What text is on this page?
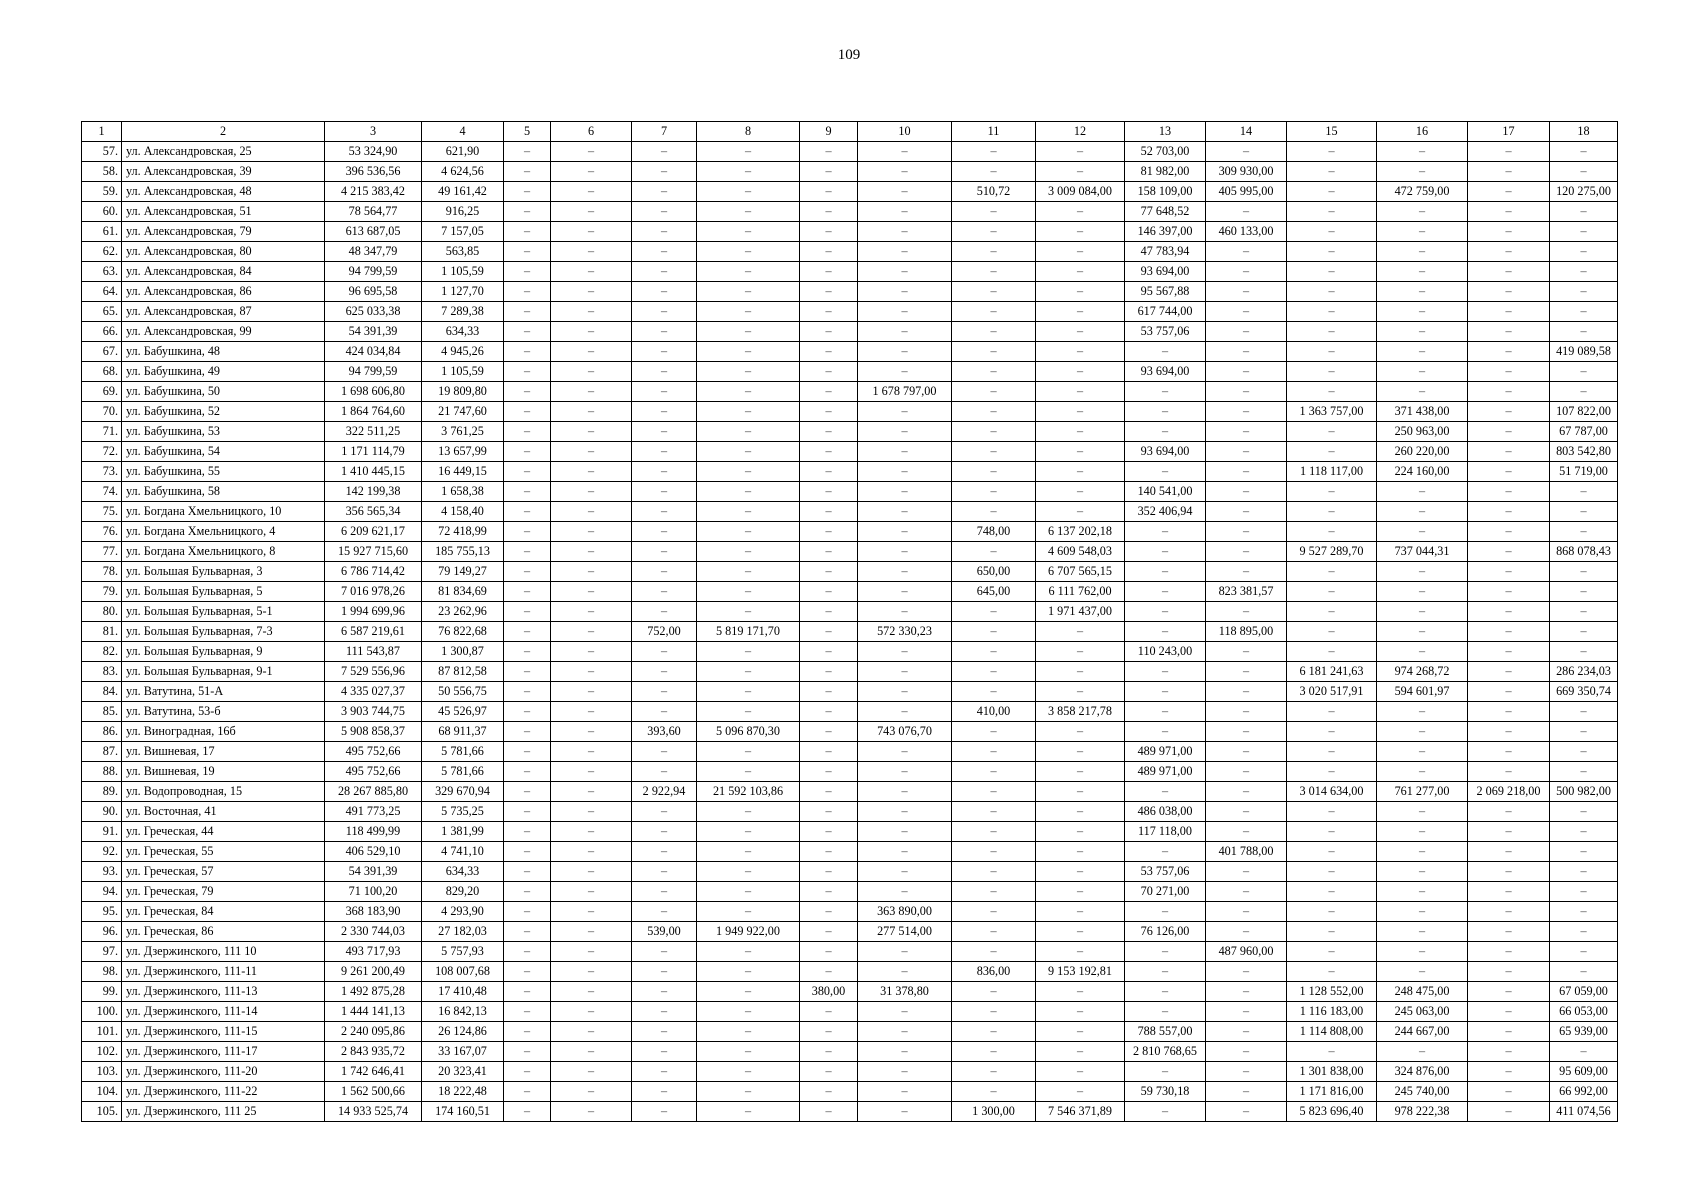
109
1	2	3	4	5	6	7	8	9	10	11	12	13	14	15	16	17	18
57.	ул. Александровская, 25	53 324,90	621,90	–	–	–	–	–	–	–	–	52 703,00	–	–	–	–	–
58.	ул. Александровская, 39	396 536,56	4 624,56	–	–	–	–	–	–	–	–	81 982,00	309 930,00	–	–	–	–
59.	ул. Александровская, 48	4 215 383,42	49 161,42	–	–	–	–	–	–	510,72	3 009 084,00	158 109,00	405 995,00	–	472 759,00	–	120 275,00
60.	ул. Александровская, 51	78 564,77	916,25	–	–	–	–	–	–	–	–	77 648,52	–	–	–	–	–
61.	ул. Александровская, 79	613 687,05	7 157,05	–	–	–	–	–	–	–	–	146 397,00	460 133,00	–	–	–	–
62.	ул. Александровская, 80	48 347,79	563,85	–	–	–	–	–	–	–	–	47 783,94	–	–	–	–	–
63.	ул. Александровская, 84	94 799,59	1 105,59	–	–	–	–	–	–	–	–	93 694,00	–	–	–	–	–
64.	ул. Александровская, 86	96 695,58	1 127,70	–	–	–	–	–	–	–	–	95 567,88	–	–	–	–	–
65.	ул. Александровская, 87	625 033,38	7 289,38	–	–	–	–	–	–	–	–	617 744,00	–	–	–	–	–
66.	ул. Александровская, 99	54 391,39	634,33	–	–	–	–	–	–	–	–	53 757,06	–	–	–	–	–
67.	ул. Бабушкина, 48	424 034,84	4 945,26	–	–	–	–	–	–	–	–	–	–	–	–	–	419 089,58
68.	ул. Бабушкина, 49	94 799,59	1 105,59	–	–	–	–	–	–	–	–	93 694,00	–	–	–	–	–
69.	ул. Бабушкина, 50	1 698 606,80	19 809,80	–	–	–	–	–	1 678 797,00	–	–	–	–	–	–	–	–
70.	ул. Бабушкина, 52	1 864 764,60	21 747,60	–	–	–	–	–	–	–	–	–	–	1 363 757,00	371 438,00	–	107 822,00
71.	ул. Бабушкина, 53	322 511,25	3 761,25	–	–	–	–	–	–	–	–	–	–	–	250 963,00	–	67 787,00
72.	ул. Бабушкина, 54	1 171 114,79	13 657,99	–	–	–	–	–	–	–	–	93 694,00	–	–	260 220,00	–	803 542,80
73.	ул. Бабушкина, 55	1 410 445,15	16 449,15	–	–	–	–	–	–	–	–	–	–	1 118 117,00	224 160,00	–	51 719,00
74.	ул. Бабушкина, 58	142 199,38	1 658,38	–	–	–	–	–	–	–	–	140 541,00	–	–	–	–	–
75.	ул. Богдана Хмельницкого, 10	356 565,34	4 158,40	–	–	–	–	–	–	–	–	352 406,94	–	–	–	–	–
76.	ул. Богдана Хмельницкого, 4	6 209 621,17	72 418,99	–	–	–	–	–	–	748,00	6 137 202,18	–	–	–	–	–	–
77.	ул. Богдана Хмельницкого, 8	15 927 715,60	185 755,13	–	–	–	–	–	–	–	4 609 548,03	–	–	9 527 289,70	737 044,31	–	868 078,43
78.	ул. Большая Бульварная, 3	6 786 714,42	79 149,27	–	–	–	–	–	–	650,00	6 707 565,15	–	–	–	–	–	–
79.	ул. Большая Бульварная, 5	7 016 978,26	81 834,69	–	–	–	–	–	–	645,00	6 111 762,00	–	823 381,57	–	–	–	–
80.	ул. Большая Бульварная, 5-1	1 994 699,96	23 262,96	–	–	–	–	–	–	–	1 971 437,00	–	–	–	–	–	–
81.	ул. Большая Бульварная, 7-3	6 587 219,61	76 822,68	–	–	752,00	5 819 171,70	–	572 330,23	–	–	–	118 895,00	–	–	–	–
82.	ул. Большая Бульварная, 9	111 543,87	1 300,87	–	–	–	–	–	–	–	–	110 243,00	–	–	–	–	–
83.	ул. Большая Бульварная, 9-1	7 529 556,96	87 812,58	–	–	–	–	–	–	–	–	–	–	6 181 241,63	974 268,72	–	286 234,03
84.	ул. Ватутина, 51-А	4 335 027,37	50 556,75	–	–	–	–	–	–	–	–	–	–	3 020 517,91	594 601,97	–	669 350,74
85.	ул. Ватутина, 53-б	3 903 744,75	45 526,97	–	–	–	–	–	–	410,00	3 858 217,78	–	–	–	–	–	–
86.	ул. Виноградная, 16б	5 908 858,37	68 911,37	–	–	393,60	5 096 870,30	–	743 076,70	–	–	–	–	–	–	–	–
87.	ул. Вишневая, 17	495 752,66	5 781,66	–	–	–	–	–	–	–	–	489 971,00	–	–	–	–	–
88.	ул. Вишневая, 19	495 752,66	5 781,66	–	–	–	–	–	–	–	–	489 971,00	–	–	–	–	–
89.	ул. Водопроводная, 15	28 267 885,80	329 670,94	–	–	2 922,94	21 592 103,86	–	–	–	–	–	–	3 014 634,00	761 277,00	2 069 218,00	500 982,00
90.	ул. Восточная, 41	491 773,25	5 735,25	–	–	–	–	–	–	–	–	486 038,00	–	–	–	–	–
91.	ул. Греческая, 44	118 499,99	1 381,99	–	–	–	–	–	–	–	–	117 118,00	–	–	–	–	–
92.	ул. Греческая, 55	406 529,10	4 741,10	–	–	–	–	–	–	–	–	–	401 788,00	–	–	–	–
93.	ул. Греческая, 57	54 391,39	634,33	–	–	–	–	–	–	–	–	53 757,06	–	–	–	–	–
94.	ул. Греческая, 79	71 100,20	829,20	–	–	–	–	–	–	–	–	70 271,00	–	–	–	–	–
95.	ул. Греческая, 84	368 183,90	4 293,90	–	–	–	–	–	363 890,00	–	–	–	–	–	–	–	–
96.	ул. Греческая, 86	2 330 744,03	27 182,03	–	–	539,00	1 949 922,00	–	277 514,00	–	–	76 126,00	–	–	–	–	–
97.	ул. Дзержинского, 111 10	493 717,93	5 757,93	–	–	–	–	–	–	–	–	–	487 960,00	–	–	–	–
98.	ул. Дзержинского, 111-11	9 261 200,49	108 007,68	–	–	–	–	–	–	836,00	9 153 192,81	–	–	–	–	–	–
99.	ул. Дзержинского, 111-13	1 492 875,28	17 410,48	–	–	–	–	380,00	31 378,80	–	–	–	–	1 128 552,00	248 475,00	–	67 059,00
100.	ул. Дзержинского, 111-14	1 444 141,13	16 842,13	–	–	–	–	–	–	–	–	–	–	1 116 183,00	245 063,00	–	66 053,00
101.	ул. Дзержинского, 111-15	2 240 095,86	26 124,86	–	–	–	–	–	–	–	–	788 557,00	–	1 114 808,00	244 667,00	–	65 939,00
102.	ул. Дзержинского, 111-17	2 843 935,72	33 167,07	–	–	–	–	–	–	–	–	2 810 768,65	–	–	–	–	–
103.	ул. Дзержинского, 111-20	1 742 646,41	20 323,41	–	–	–	–	–	–	–	–	–	–	1 301 838,00	324 876,00	–	95 609,00
104.	ул. Дзержинского, 111-22	1 562 500,66	18 222,48	–	–	–	–	–	–	–	–	59 730,18	–	1 171 816,00	245 740,00	–	66 992,00
105.	ул. Дзержинского, 111 25	14 933 525,74	174 160,51	–	–	–	–	–	–	1 300,00	7 546 371,89	–	–	5 823 696,40	978 222,38	–	411 074,56
